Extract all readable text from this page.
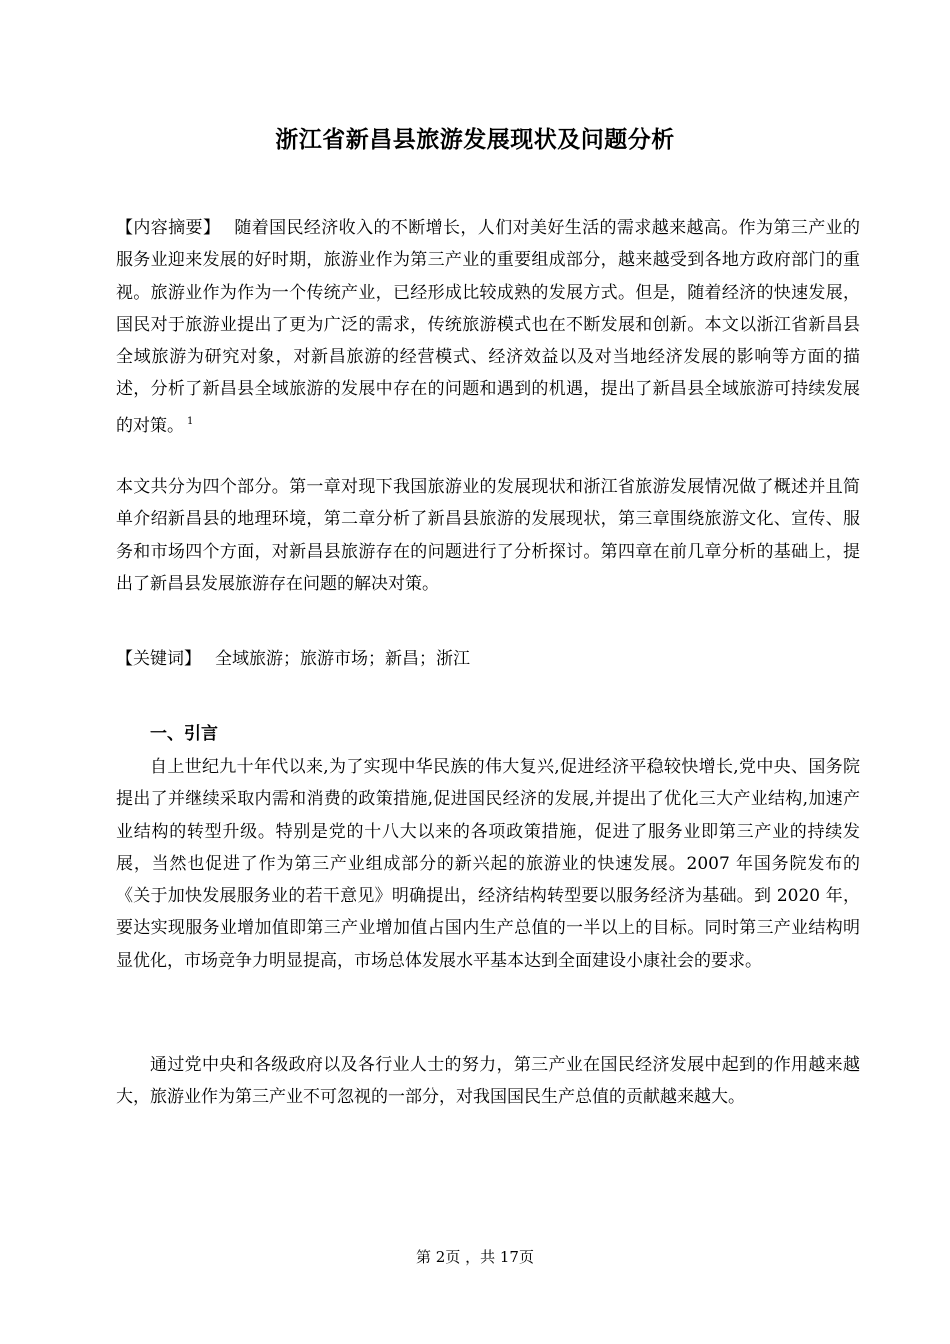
浙江省新昌县旅游发展现状及问题分析
【内容摘要】 随着国民经济收入的不断增长，人们对美好生活的需求越来越高。作为第三产业的服务业迎来发展的好时期，旅游业作为第三产业的重要组成部分，越来越受到各地方政府部门的重视。旅游业作为作为一个传统产业，已经形成比较成熟的发展方式。但是，随着经济的快速发展，国民对于旅游业提出了更为广泛的需求，传统旅游模式也在不断发展和创新。本文以浙江省新昌县全域旅游为研究对象，对新昌旅游的经营模式、经济效益以及对当地经济发展的影响等方面的描述，分析了新昌县全域旅游的发展中存在的问题和遇到的机遇，提出了新昌县全域旅游可持续发展的对策。 $^1$
本文共分为四个部分。第一章对现下我国旅游业的发展现状和浙江省旅游发展情况做了概述并且简单介绍新昌县的地理环境，第二章分析了新昌县旅游的发展现状，第三章围绕旅游文化、宣传、服务和市场四个方面，对新昌县旅游存在的问题进行了分析探讨。第四章在前几章分析的基础上，提出了新昌县发展旅游存在问题的解决对策。
【关键词】 全域旅游；旅游市场；新昌；浙江
一、引言
自上世纪九十年代以来,为了实现中华民族的伟大复兴,促进经济平稳较快增长,党中央、国务院提出了并继续采取内需和消费的政策措施,促进国民经济的发展,并提出了优化三大产业结构,加速产业结构的转型升级。特别是党的十八大以来的各项政策措施，促进了服务业即第三产业的持续发展，当然也促进了作为第三产业组成部分的新兴起的旅游业的快速发展。2007 年国务院发布的《关于加快发展服务业的若干意见》明确提出，经济结构转型要以服务经济为基础。到 2020 年，要达实现服务业增加值即第三产业增加值占国内生产总值的一半以上的目标。同时第三产业结构明显优化，市场竞争力明显提高，市场总体发展水平基本达到全面建设小康社会的要求。
通过党中央和各级政府以及各行业人士的努力，第三产业在国民经济发展中起到的作用越来越大，旅游业作为第三产业不可忽视的一部分，对我国国民生产总值的贡献越来越大。
第 2页 ，共 17页
